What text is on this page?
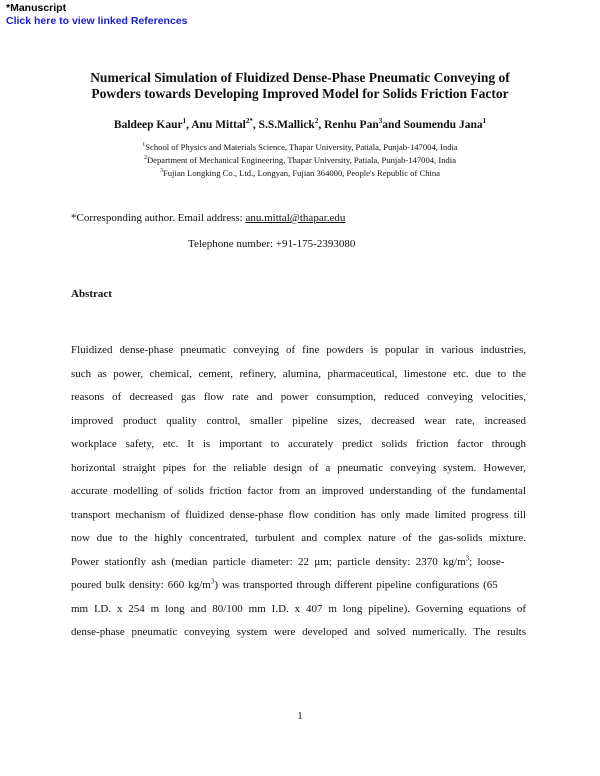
*Manuscript
Click here to view linked References
Numerical Simulation of Fluidized Dense-Phase Pneumatic Conveying of
Powders towards Developing Improved Model for Solids Friction Factor
Baldeep Kaur$^1$, Anu Mittal$^{2*}$, S.S.Mallick$^2$, Renhu Pan$^3$and Soumendu Jana$^1$
$^1$School of Physics and Materials Science, Thapar University, Patiala, Punjab-147004, India
$^2$Department of Mechanical Engineering, Thapar University, Patiala, Punjab-147004, India
$^3$Fujian Longking Co., Ltd., Longyan, Fujian 364000, People's Republic of China
*Corresponding author. Email address: anu.mittal@thapar.edu
Telephone number: +91-175-2393080
Abstract
Fluidized dense-phase pneumatic conveying of fine powders is popular in various industries,
such as power, chemical, cement, refinery, alumina, pharmaceutical, limestone etc. due to the
reasons of decreased gas flow rate and power consumption, reduced conveying velocities,
improved product quality control, smaller pipeline sizes, decreased wear rate, increased
workplace safety, etc. It is important to accurately predict solids friction factor through
horizontal straight pipes for the reliable design of a pneumatic conveying system. However,
accurate modelling of solids friction factor from an improved understanding of the fundamental
transport mechanism of fluidized dense-phase flow condition has only made limited progress till
now due to the highly concentrated, turbulent and complex nature of the gas-solids mixture.
Power stationfly ash (median particle diameter: 22 μm; particle density: 2370 $kg/m^3$; loose-
poured bulk density: 660 $kg/m^3$) was transported through different pipeline configurations (65
mm I.D. x 254 m long and 80/100 mm I.D. x 407 m long pipeline). Governing equations of
dense-phase pneumatic conveying system were developed and solved numerically. The results
1
